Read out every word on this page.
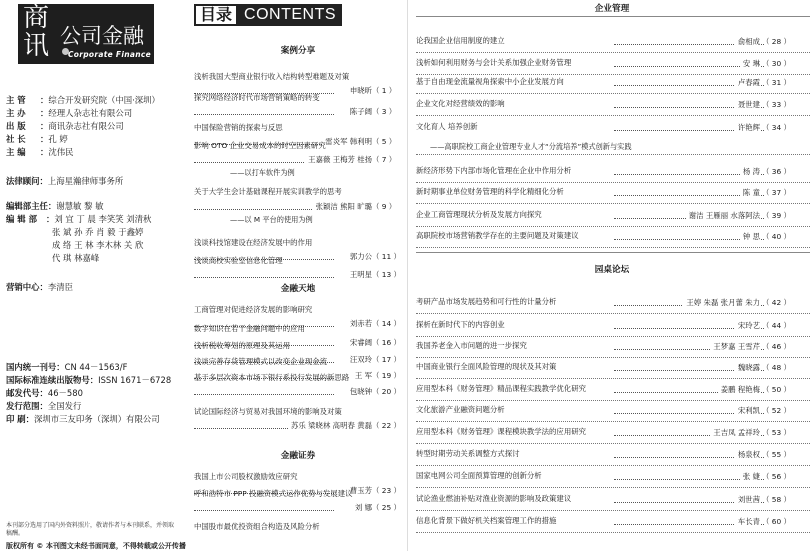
商讯 公司金融
Corporate Finance
主 管	： 综合开发研究院（中国·深圳）
主 办	： 经理人杂志社有限公司
出 版	： 商讯杂志社有限公司
社 长	： 孔 婷
主 编	： 沈伟民
法律顾问 ： 上海星瀚律师事务所
编辑部主任 ： 谢慧敏 黎 敏
编 辑 部	： 刘 宜 丁 晨 李笑笑 刘清秋
张 斌 孙 乔 肖 毅 于鑫婷
成 络 王 林 李木林 关 欣
代 琪 林嘉峰
营销中心 ： 李清臣
国内统一刊号 ： CN 44－1563/F
国际标准连续出版物号 ： ISSN 1671－6728
邮发代号 ： 46－580
发行范围 ： 全国发行
印 刷 ： 深圳市三友印务（深圳）有限公司
本刊部分选用了国内外资料照片，敬请作者与本刊联系，并领取稿酬。
版权所有 © 本刊图文未经书面同意，不得转载或公开传播
目录 CONTENTS
案例分享
浅析我国大型商业银行收入结构转型难题及对策
申晓昕 （ 1 ）
探究网络经济时代市场营销策略的转变
陈子阔 （ 3 ）
中国保险营销的探索与反思
雷炎军 韩利明 （ 5 ）
影响 OTO 企业交易成本的时空因素研究
——以打车软件为例
王嘉薇 王梅芳 桂扬 （ 7 ）
关于大学生会计基础课程开展实训教学的思考
——以 M 平台的使用为例
张颖洁 熊阳 旷璐 （ 9 ）
浅谈科技馆建设在经济发展中的作用
郭力公 （ 11 ）
浅谈高校实验室信息化管理
王明星 （ 13 ）
金融天地
工商管理对促进经济发展的影响研究
刘赤若 （ 14 ）
数字知识在若干金融问题中的应用
宋睿阔 （ 16 ）
浅析税收筹划的原理及其运用
汪双玲 （ 17 ）
浅谈完善存货管理模式以改变企业现金流
王 军 （ 19 ）
基于多层次资本市场下银行系投行发展的新思路
包晓钟 （ 20 ）
试论国际经济与贸易对我国环境的影响及对策
苏乐 梁晓林 高明春 黄磊 （ 22 ）
金融证券
我国上市公司股权激励效应研究
曹玉芳 （ 23 ）
呼和浩特市 PPP 投融资模式运作优势与发展建议
刘 娜 （ 25 ）
中国股市最优投资组合构造及风险分析
企业管理
论我国企业信用制度的建立	俞相成 （ 28 ）
浅析如何利用财务与会计关系加强企业财务管理	安 琳 （ 30 ）
基于自由现金流量视角探索中小企业发展方向	卢春霞 （ 31 ）
企业文化对经营绩效的影响	聂世建 （ 33 ）
文化育人 培养创新	许艳辉 （ 34 ）
——高职院校工商企业管理专业人才“分流培养”模式创新与实践
新经济形势下内部市场化管理在企业中作用分析	杨 涛 （ 36 ）
新时期事业单位财务管理的科学化精细化分析	陈 童 （ 37 ）
企业工商管理现状分析及发展方向探究	谢洁 王雁丽 水落阿法 （ 39 ）
高职院校市场营销教学存在的主要问题及对策建议	钟 思 （ 40 ）
园桌论坛
考研产品市场发展趋势和可行性的计量分析	王婷 朱磊 张月蕾 朱力 （ 42 ）
探析在新时代下的内容创业	宋玲艺 （ 44 ）
我国养老金入市问题的进一步探究	王梦嘉 王雪芹 （ 46 ）
中国商业银行全面风险管理的现状及其对策	魏晓露 （ 48 ）
应用型本科《财务管理》精品课程实践教学优化研究	姜鹏 程艳梅 （ 50 ）
文化旅游产业融资问题分析	宋利凯 （ 52 ）
应用型本科《财务管理》课程模块教学法的应用研究	王吉凤 孟祥玲 （ 53 ）
转型时期劳动关系调整方式探讨	杨泉权 （ 55 ）
国家电网公司全面预算管理的创新分析	张 婕 （ 56 ）
试论渔业燃油补贴对渔业资源的影响及政策建议	刘世茜 （ 58 ）
信息化背景下做好机关档案管理工作的措施	车长青 （ 60 ）
